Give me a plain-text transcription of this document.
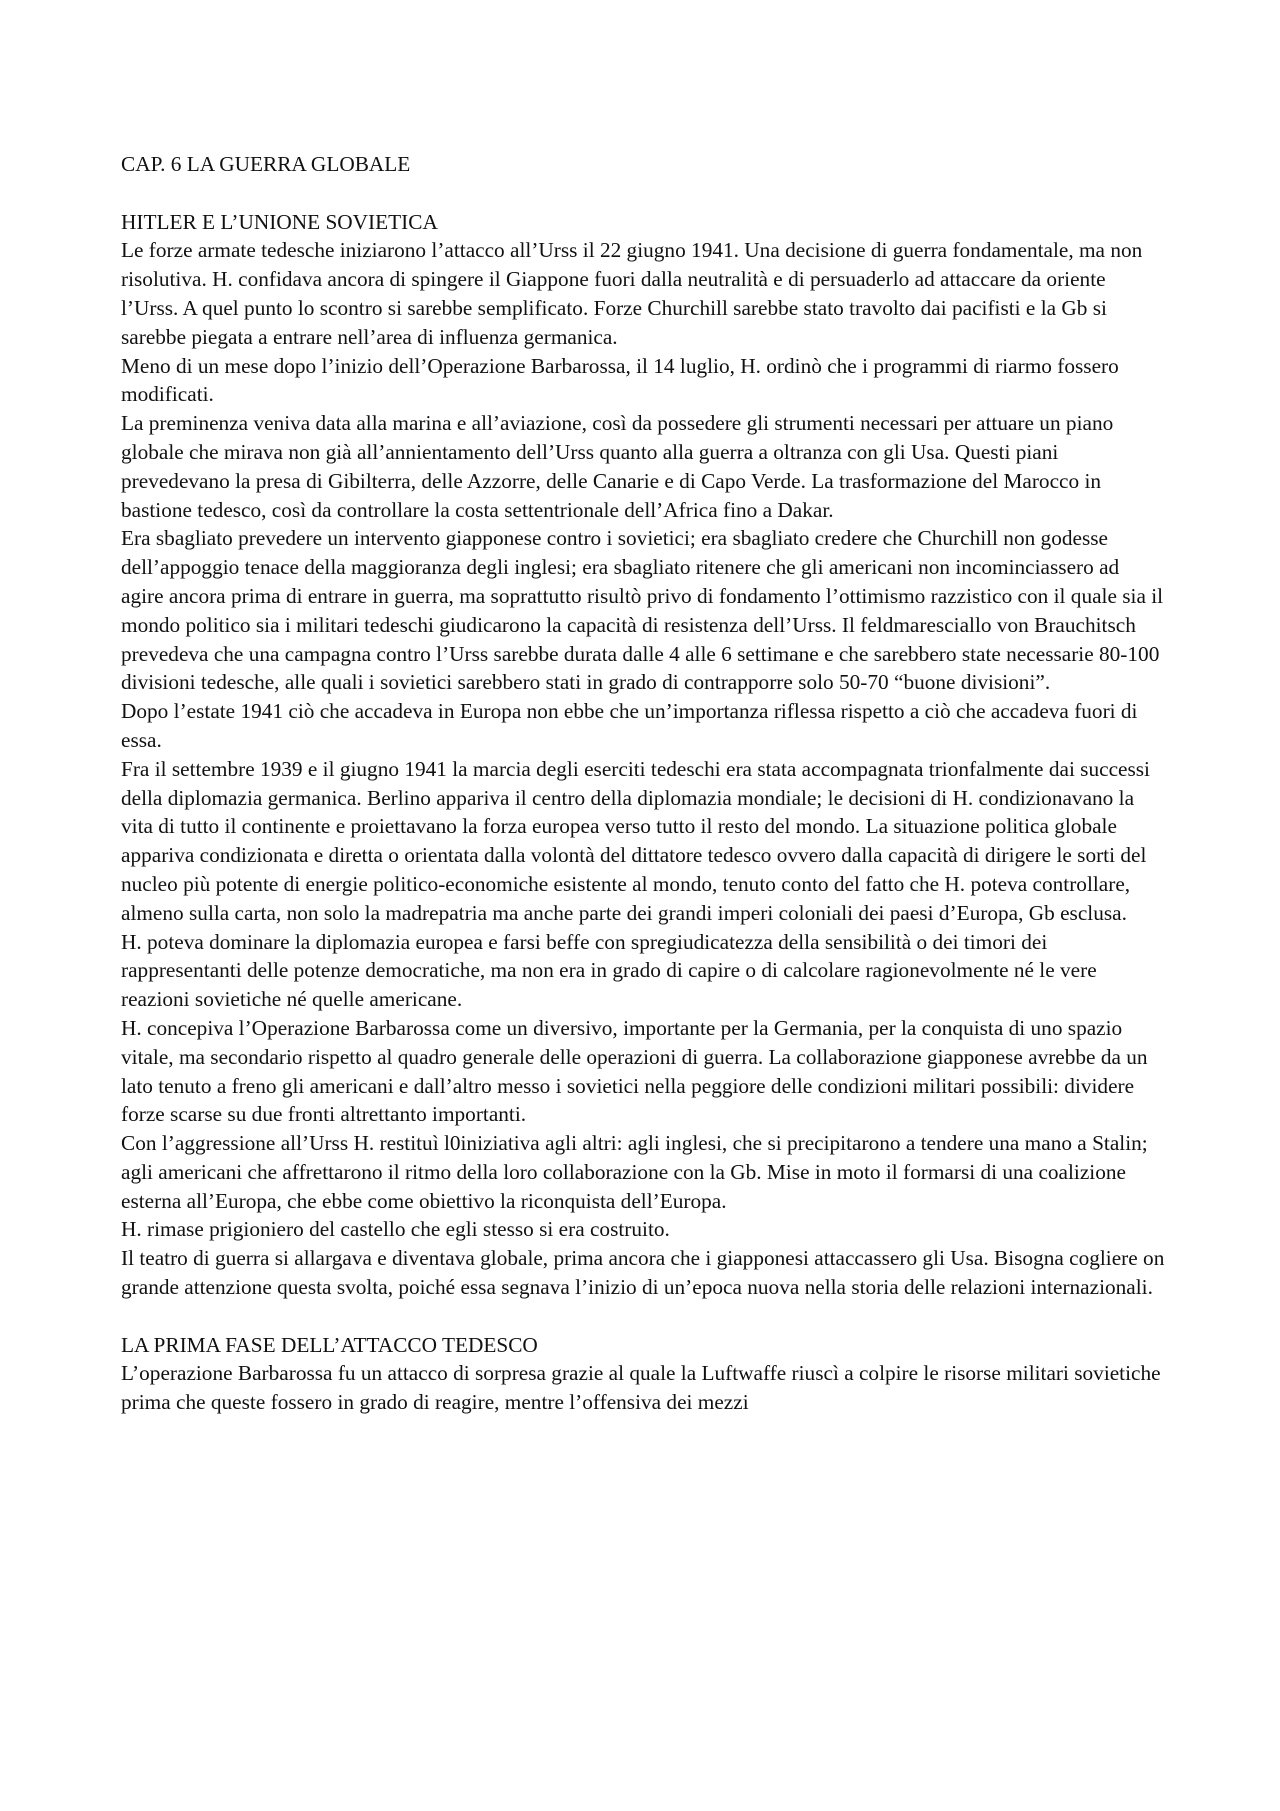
CAP. 6 LA GUERRA GLOBALE

HITLER E L’UNIONE SOVIETICA

Le forze armate tedesche iniziarono l’attacco all’Urss il 22 giugno 1941. Una decisione di guerra fondamentale, ma non risolutiva. H. confidava ancora di spingere il Giappone fuori dalla neutralità e di persuaderlo ad attaccare da oriente l’Urss. A quel punto lo scontro si sarebbe semplificato. Forze Churchill sarebbe stato travolto dai pacifisti e la Gb si sarebbe piegata a entrare nell’area di influenza germanica.

Meno di un mese dopo l’inizio dell’Operazione Barbarossa, il 14 luglio, H. ordinò che i programmi di riarmo fossero modificati.

La preminenza veniva data alla marina e all’aviazione, così da possedere gli strumenti necessari per attuare un piano globale che mirava non già all’annientamento dell’Urss quanto alla guerra a oltranza con gli Usa. Questi piani prevedevano la presa di Gibilterra, delle Azzorre, delle Canarie e di Capo Verde. La trasformazione del Marocco in bastione tedesco, così da controllare la costa settentrionale dell’Africa fino a Dakar.

Era sbagliato prevedere un intervento giapponese contro i sovietici; era sbagliato credere che Churchill non godesse dell’appoggio tenace della maggioranza degli inglesi; era sbagliato ritenere che gli americani non incominciassero ad agire ancora prima di entrare in guerra, ma soprattutto risultò privo di fondamento l’ottimismo razzistico con il quale sia il mondo politico sia i militari tedeschi giudicarono la capacità di resistenza dell’Urss. Il feldmaresciallo von Brauchitsch prevedeva che una campagna contro l’Urss sarebbe durata dalle 4 alle 6 settimane e che sarebbero state necessarie 80-100 divisioni tedesche, alle quali i sovietici sarebbero stati in grado di contrapporre solo 50-70 “buone divisioni”.

Dopo l’estate 1941 ciò che accadeva in Europa non ebbe che un’importanza riflessa rispetto a ciò che accadeva fuori di essa.

Fra il settembre 1939 e il giugno 1941 la marcia degli eserciti tedeschi era stata accompagnata trionfalmente dai successi della diplomazia germanica. Berlino appariva il centro della diplomazia mondiale; le decisioni di H. condizionavano la vita di tutto il continente e proiettavano la forza europea verso tutto il resto del mondo. La situazione politica globale appariva condizionata e diretta o orientata dalla volontà del dittatore tedesco ovvero dalla capacità di dirigere le sorti del nucleo più potente di energie politico-economiche esistente al mondo, tenuto conto del fatto che H. poteva controllare, almeno sulla carta, non solo la madrepatria ma anche parte dei grandi imperi coloniali dei paesi d’Europa, Gb esclusa.

H. poteva dominare la diplomazia europea e farsi beffe con spregiudicatezza della sensibilità o dei timori dei rappresentanti delle potenze democratiche, ma non era in grado di capire o di calcolare ragionevolmente né le vere reazioni sovietiche né quelle americane.

H. concepiva l’Operazione Barbarossa come un diversivo, importante per la Germania, per la conquista di uno spazio vitale, ma secondario rispetto al quadro generale delle operazioni di guerra. La collaborazione giapponese avrebbe da un lato tenuto a freno gli americani e dall’altro messo i sovietici nella peggiore delle condizioni militari possibili: dividere forze scarse su due fronti altrettanto importanti.

Con l’aggressione all’Urss H. restituì l0iniziativa agli altri: agli inglesi, che si precipitarono a tendere una mano a Stalin; agli americani che affrettarono il ritmo della loro collaborazione con la Gb. Mise in moto il formarsi di una coalizione esterna all’Europa, che ebbe come obiettivo la riconquista dell’Europa.

H. rimase prigioniero del castello che egli stesso si era costruito.

Il teatro di guerra si allargava e diventava globale, prima ancora che i giapponesi attaccassero gli Usa. Bisogna cogliere on grande attenzione questa svolta, poiché essa segnava l’inizio di un’epoca nuova nella storia delle relazioni internazionali.

LA PRIMA FASE DELL’ATTACCO TEDESCO

L’operazione Barbarossa fu un attacco di sorpresa grazie al quale la Luftwaffe riuscì a colpire le risorse militari sovietiche prima che queste fossero in grado di reagire, mentre l’offensiva dei mezzi
